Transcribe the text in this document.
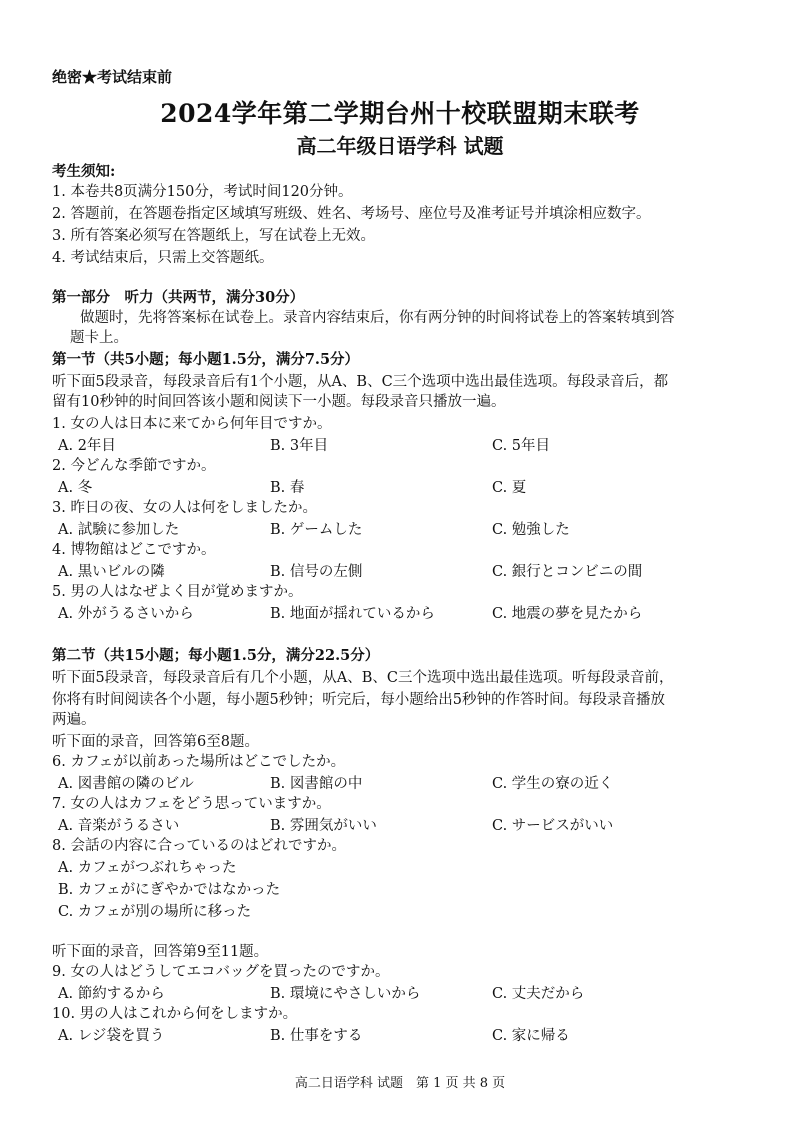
绝密★考试结束前
2024学年第二学期台州十校联盟期末联考
高二年级日语学科 试题
考生须知:
1. 本卷共8页满分150分，考试时间120分钟。
2. 答题前，在答题卷指定区域填写班级、姓名、考场号、座位号及准考证号并填涂相应数字。
3. 所有答案必须写在答题纸上，写在试卷上无效。
4. 考试结束后，只需上交答题纸。
第一部分　听力（共两节，满分30分）
做题时，先将答案标在试卷上。录音内容结束后，你有两分钟的时间将试卷上的答案转填到答
题卡上。
第一节（共5小题；每小题1.5分，满分7.5分）
听下面5段录音，每段录音后有1个小题，从A、B、C三个选项中选出最佳选项。每段录音后，都
留有10秒钟的时间回答该小题和阅读下一小题。每段录音只播放一遍。
1. 女の人は日本に来てから何年目ですか。
A. 2年目	B. 3年目	C. 5年目
2. 今どんな季節ですか。
A. 冬	B. 春	C. 夏
3. 昨日の夜、女の人は何をしましたか。
A. 試験に参加した	B. ゲームした	C. 勉強した
4. 博物館はどこですか。
A. 黒いビルの隣	B. 信号の左側	C. 銀行とコンビニの間
5. 男の人はなぜよく目が覚めますか。
A. 外がうるさいから	B. 地面が揺れているから	C. 地震の夢を見たから
第二节（共15小题；每小题1.5分，满分22.5分）
听下面5段录音，每段录音后有几个小题，从A、B、C三个选项中选出最佳选项。听每段录音前，
你将有时间阅读各个小题，每小题5秒钟；听完后，每小题给出5秒钟的作答时间。每段录音播放
两遍。
听下面的录音，回答第6至8题。
6. カフェが以前あった場所はどこでしたか。
A. 図書館の隣のビル	B. 図書館の中	C. 学生の寮の近く
7. 女の人はカフェをどう思っていますか。
A. 音楽がうるさい	B. 雰囲気がいい	C. サービスがいい
8. 会話の内容に合っているのはどれですか。
A. カフェがつぶれちゃった
B. カフェがにぎやかではなかった
C. カフェが別の場所に移った
听下面的录音，回答第9至11题。
9. 女の人はどうしてエコバッグを買ったのですか。
A. 節約するから	B. 環境にやさしいから	C. 丈夫だから
10. 男の人はこれから何をしますか。
A. レジ袋を買う	B. 仕事をする	C. 家に帰る
高二日语学科 试题　第 1 页 共 8 页
